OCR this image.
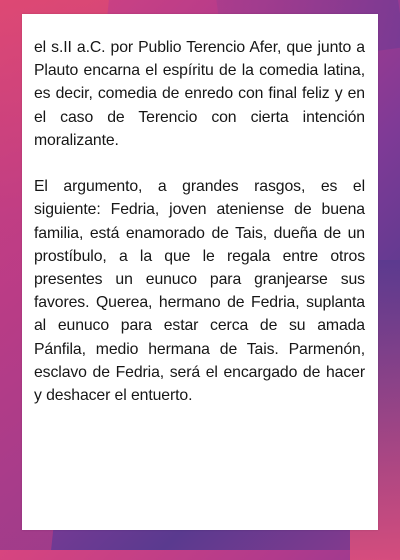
el s.II a.C. por Publio Terencio Afer, que junto a Plauto encarna el espíritu de la comedia latina, es decir, comedia de enredo con final feliz y en el caso de Terencio con cierta intención moralizante.

El argumento, a grandes rasgos, es el siguiente: Fedria, joven ateniense de buena familia, está enamorado de Tais, dueña de un prostíbulo, a la que le regala entre otros presentes un eunuco para granjearse sus favores. Querea, hermano de Fedria, suplanta al eunuco para estar cerca de su amada Pánfila, medio hermana de Tais. Parmenón, esclavo de Fedria, será el encargado de hacer y deshacer el entuerto.
